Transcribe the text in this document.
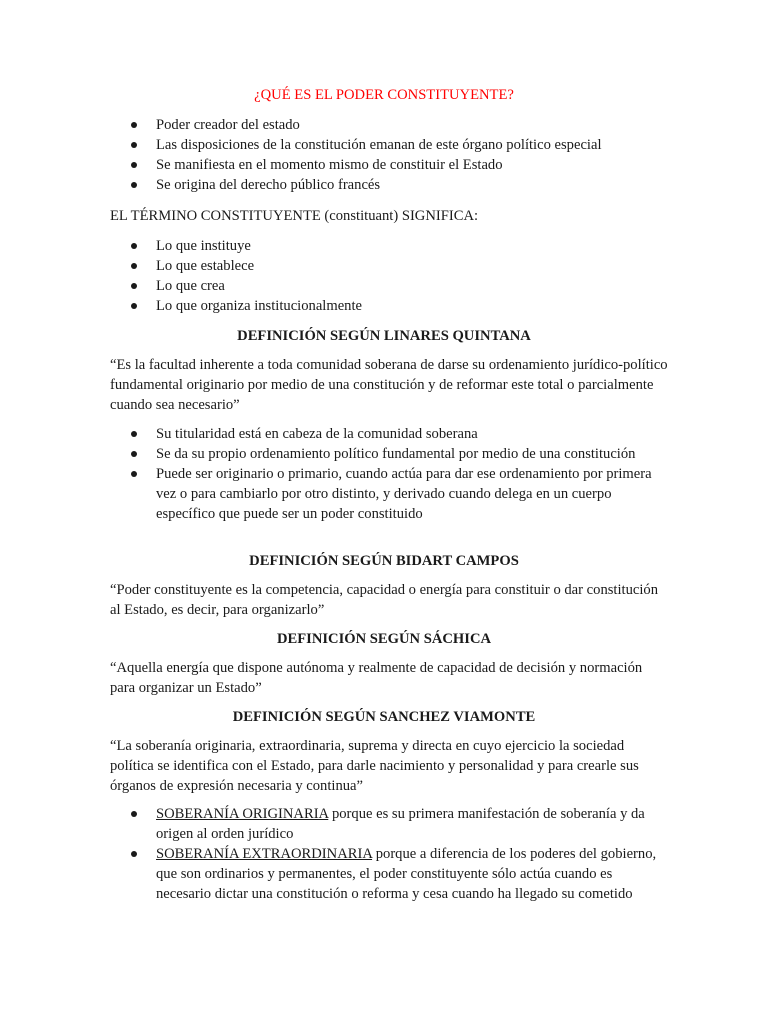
¿QUÉ ES EL PODER CONSTITUYENTE?
Poder creador del estado
Las disposiciones de la constitución emanan de este órgano político especial
Se manifiesta en el momento mismo de constituir el Estado
Se origina del derecho público francés

EL TÉRMINO CONSTITUYENTE (constituant) SIGNIFICA:

Lo que instituye
Lo que establece
Lo que crea
Lo que organiza institucionalmente
DEFINICIÓN SEGÚN LINARES QUINTANA

“Es la facultad inherente a toda comunidad soberana de darse su ordenamiento jurídico-político fundamental originario por medio de una constitución y de reformar este total o parcialmente cuando sea necesario”

Su titularidad está en cabeza de la comunidad soberana
Se da su propio ordenamiento político fundamental por medio de una constitución
Puede ser originario o primario, cuando actúa para dar ese ordenamiento por primera vez o para cambiarlo por otro distinto, y derivado cuando delega en un cuerpo específico que puede ser un poder constituido
DEFINICIÓN SEGÚN BIDART CAMPOS

“Poder constituyente es la competencia, capacidad o energía para constituir o dar constitución al Estado, es decir, para organizarlo”

DEFINICIÓN SEGÚN SÁCHICA

“Aquella energía que dispone autónoma y realmente de capacidad de decisión y normación para organizar un Estado”

DEFINICIÓN SEGÚN SANCHEZ VIAMONTE

“La soberanía originaria, extraordinaria, suprema y directa en cuyo ejercicio la sociedad política se identifica con el Estado, para darle nacimiento y personalidad y para crearle sus órganos de expresión necesaria y continua”

SOBERANÍA ORIGINARIA porque es su primera manifestación de soberanía y da origen al orden jurídico
SOBERANÍA EXTRAORDINARIA porque a diferencia de los poderes del gobierno, que son ordinarios y permanentes, el poder constituyente sólo actúa cuando es necesario dictar una constitución o reforma y cesa cuando ha llegado su cometido
